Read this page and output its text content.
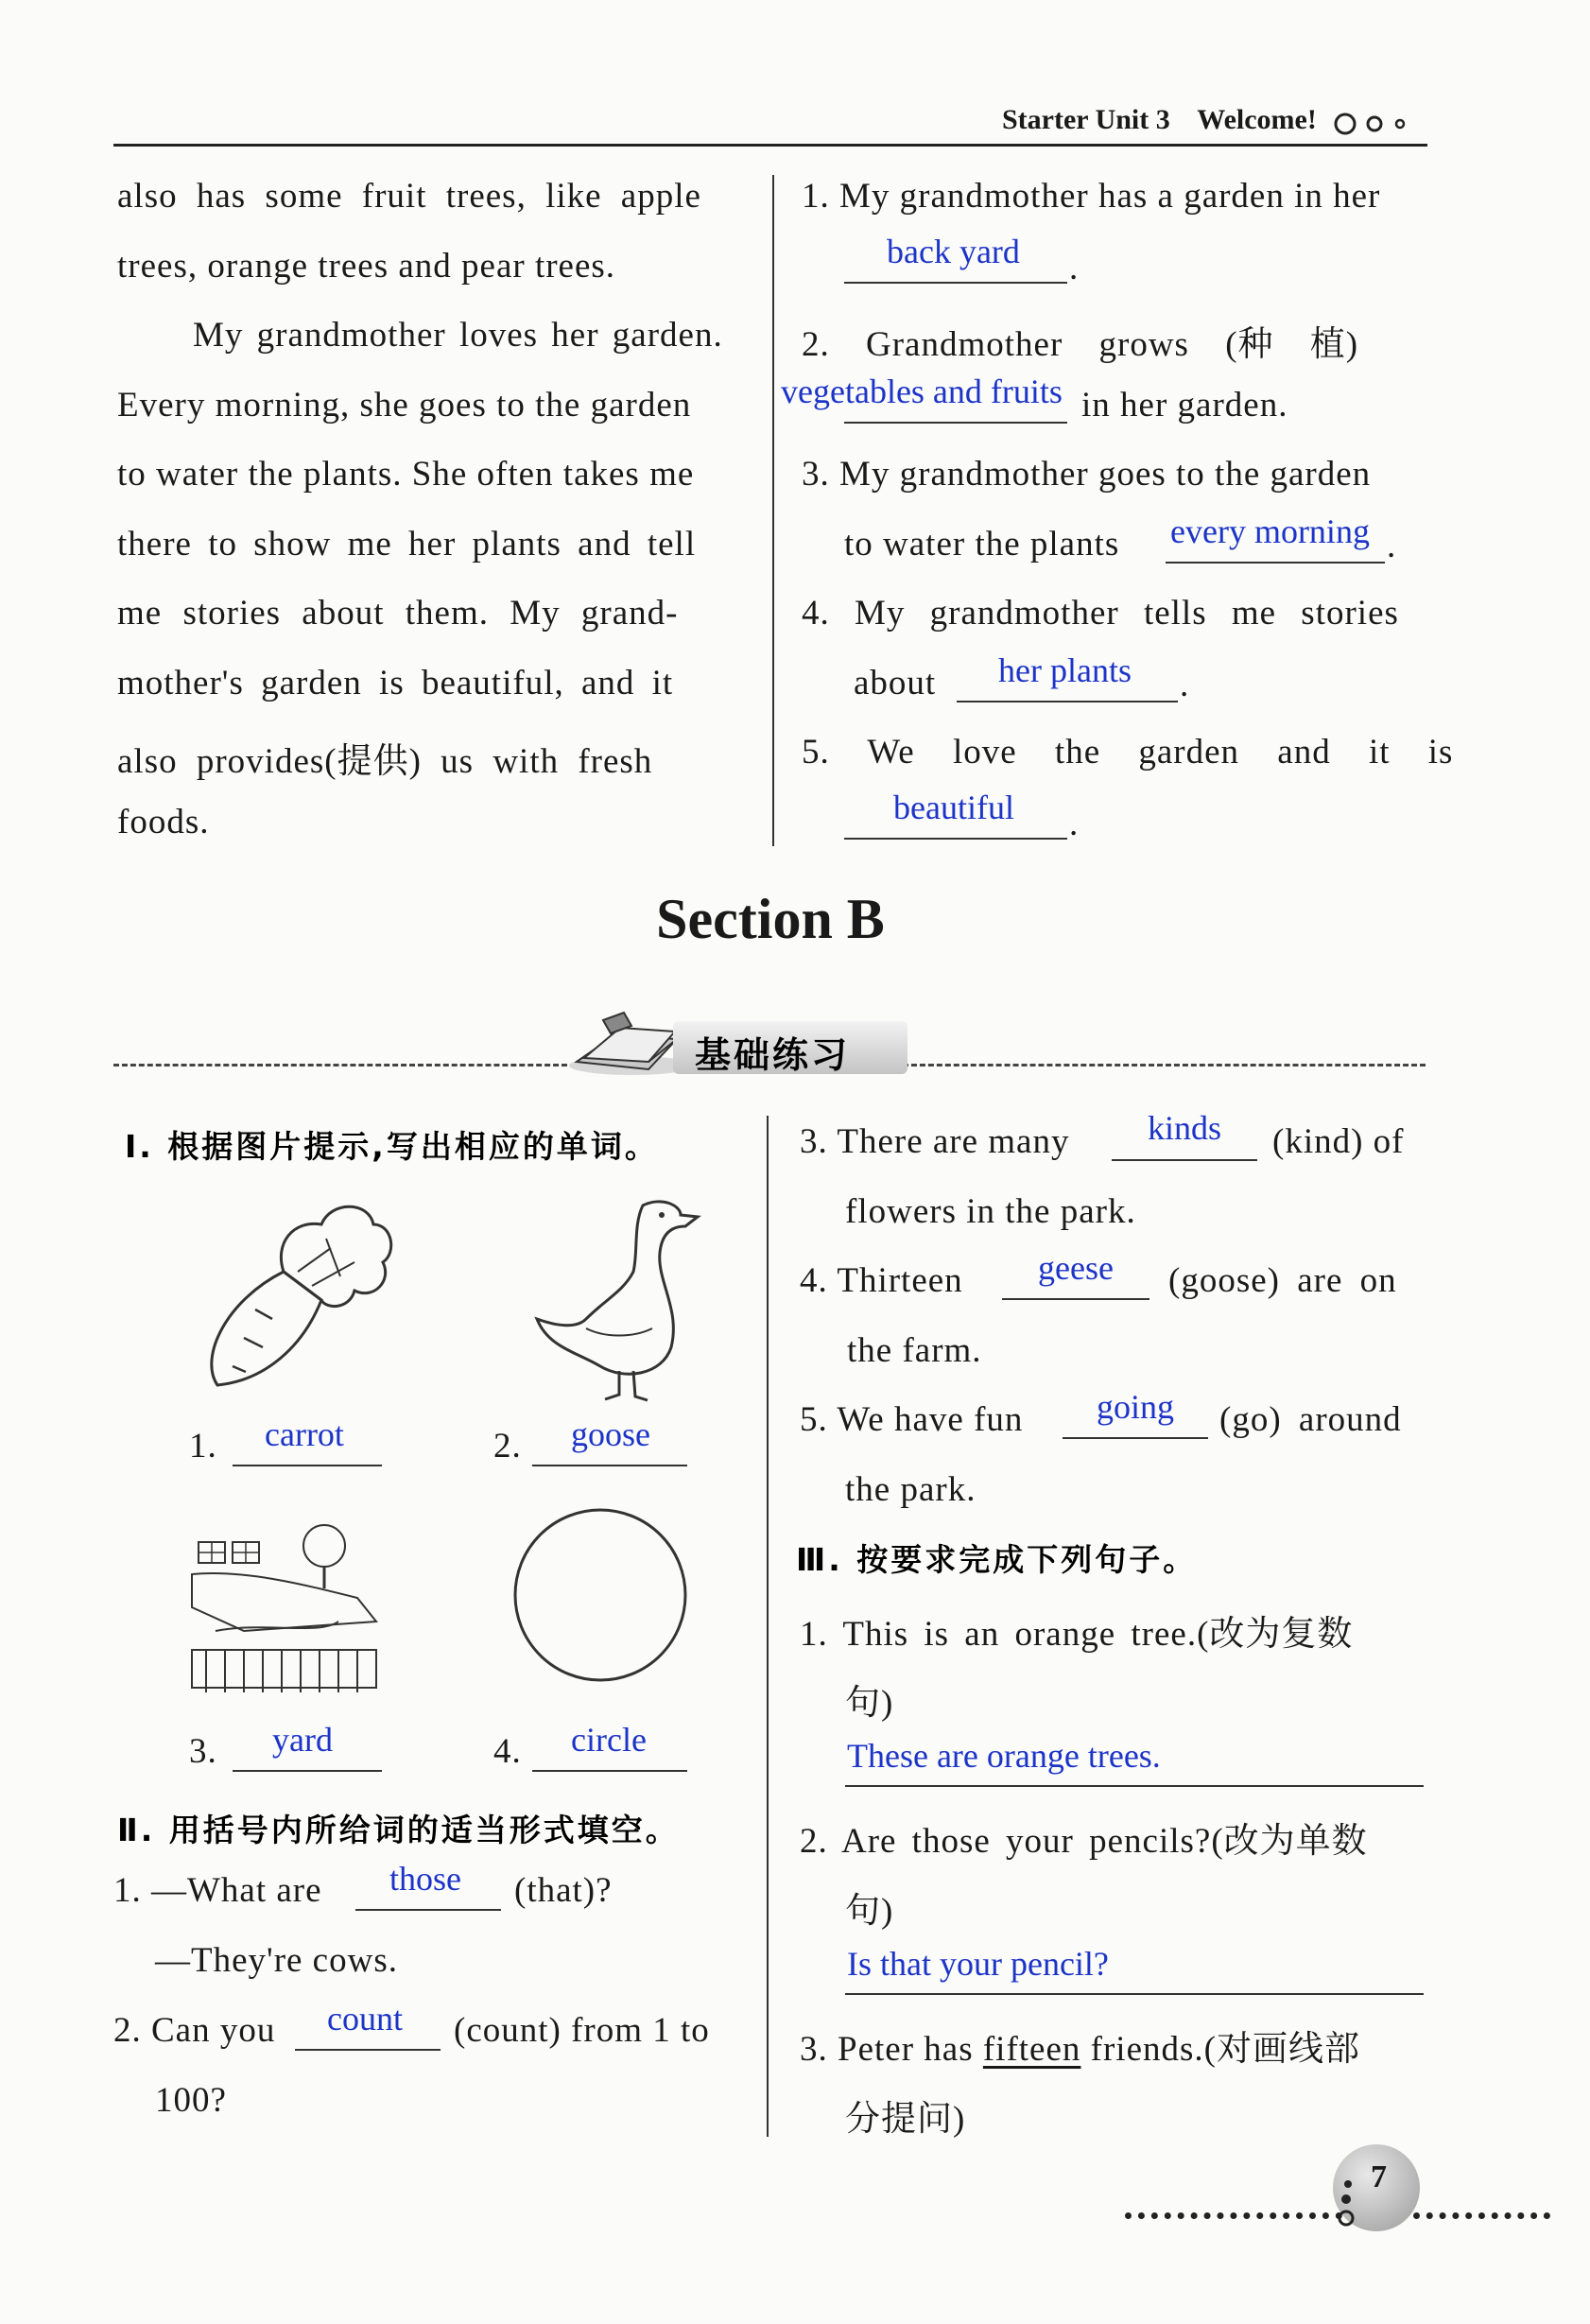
Starter Unit 3 Welcome!
also has some fruit trees, like apple
trees, orange trees and pear trees.
My grandmother loves her garden.
Every morning, she goes to the garden
to water the plants. She often takes me
there to show me her plants and tell
me stories about them. My grand-
mother's garden is beautiful, and it
also provides(提供) us with fresh
foods.
1. My grandmother has a garden in her
back yard .
2. Grandmother grows (种 植)
vegetables and fruits in her garden.
3. My grandmother goes to the garden
to water the plants every morning .
4. My grandmother tells me stories
about her plants .
5. We love the garden and it is
beautiful .
Section B
基础练习
Ⅰ. 根据图片提示,写出相应的单词。
1. carrot	2. goose
3. yard	4. circle
Ⅱ. 用括号内所给词的适当形式填空。
1. —What are those (that)?
—They're cows.
2. Can you count (count) from 1 to
100?
3. There are many kinds (kind) of
flowers in the park.
4. Thirteen geese (goose) are on
the farm.
5. We have fun going (go) around
the park.
Ⅲ. 按要求完成下列句子。
1. This is an orange tree.(改为复数
句)
These are orange trees.
2. Are those your pencils?(改为单数
句)
Is that your pencil?
3. Peter has fifteen friends.(对画线部
分提问)
7
